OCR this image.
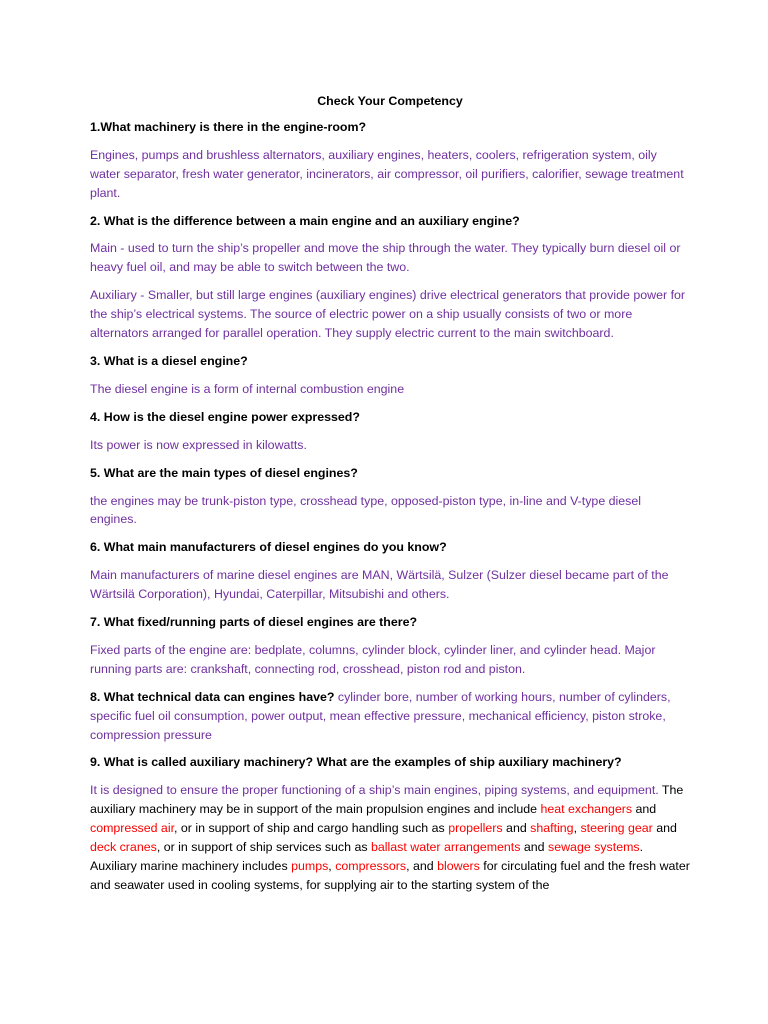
Check Your Competency

1.What machinery is there in the engine-room?

Engines, pumps and brushless alternators, auxiliary engines, heaters, coolers, refrigeration system, oily water separator, fresh water generator, incinerators, air compressor, oil purifiers, calorifier, sewage treatment plant.

2. What is the difference between a main engine and an auxiliary engine?

Main - used to turn the ship’s propeller and move the ship through the water. They typically burn diesel oil or heavy fuel oil, and may be able to switch between the two.

Auxiliary - Smaller, but still large engines (auxiliary engines) drive electrical generators that provide power for the ship’s electrical systems. The source of electric power on a ship usually consists of two or more alternators arranged for parallel operation. They supply electric current to the main switchboard.

3. What is a diesel engine?

The diesel engine is a form of internal combustion engine

4. How is the diesel engine power expressed?

Its power is now expressed in kilowatts.

5. What are the main types of diesel engines?

the engines may be trunk-piston type, crosshead type, opposed-piston type, in-line and V-type diesel engines.

6. What main manufacturers of diesel engines do you know?

Main manufacturers of marine diesel engines are MAN, Wärtsilä, Sulzer (Sulzer diesel became part of the Wärtsilä Corporation), Hyundai, Caterpillar, Mitsubishi and others.

7. What fixed/running parts of diesel engines are there?

Fixed parts of the engine are: bedplate, columns, cylinder block, cylinder liner, and cylinder head. Major running parts are: crankshaft, connecting rod, crosshead, piston rod and piston.

8. What technical data can engines have? cylinder bore, number of working hours, number of cylinders, specific fuel oil consumption, power output, mean effective pressure, mechanical efficiency, piston stroke, compression pressure

9. What is called auxiliary machinery? What are the examples of ship auxiliary machinery?

It is designed to ensure the proper functioning of a ship’s main engines, piping systems, and equipment. The auxiliary machinery may be in support of the main propulsion engines and include heat exchangers and compressed air, or in support of ship and cargo handling such as propellers and shafting, steering gear and deck cranes, or in support of ship services such as ballast water arrangements and sewage systems. Auxiliary marine machinery includes pumps, compressors, and blowers for circulating fuel and the fresh water and seawater used in cooling systems, for supplying air to the starting system of the
